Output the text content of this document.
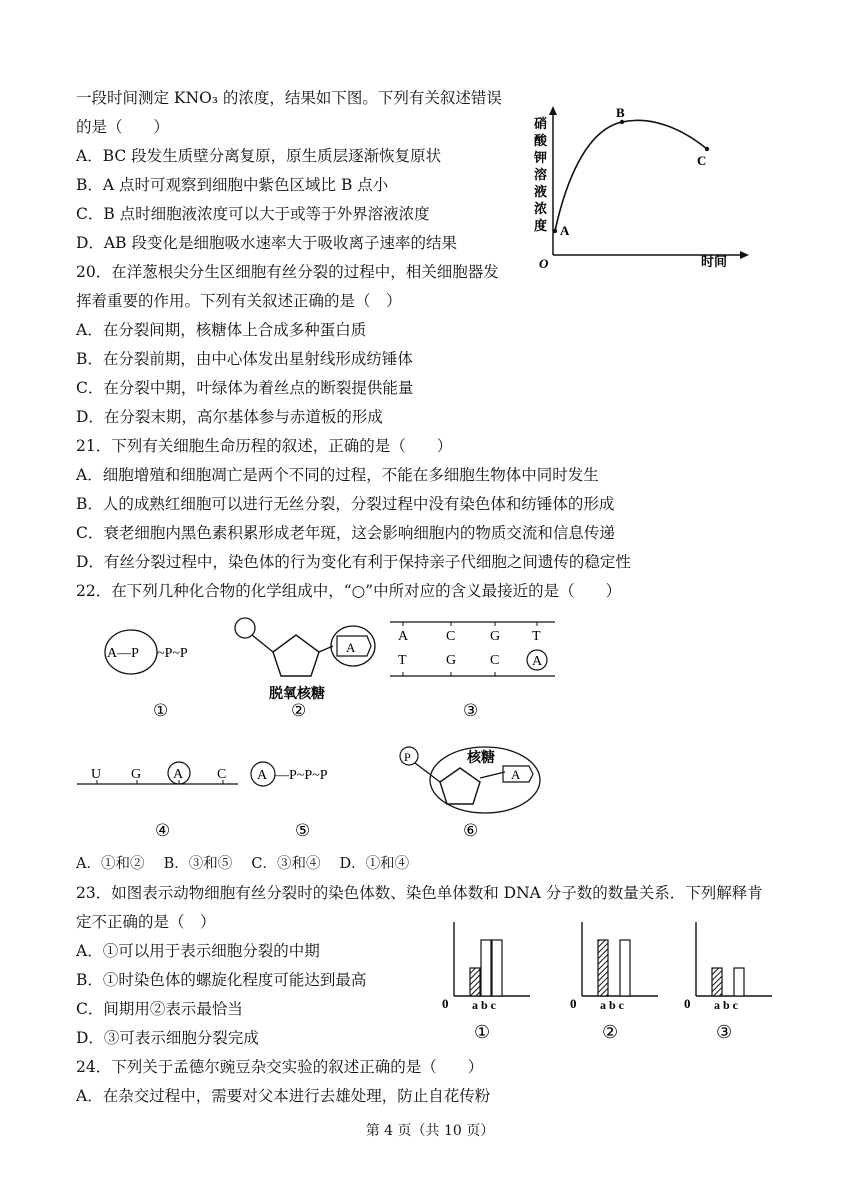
一段时间测定 KNO₃ 的浓度，结果如下图。下列有关叙述错误
的是（　　）
A．BC 段发生质壁分离复原，原生质层逐渐恢复原状
B．A 点时可观察到细胞中紫色区域比 B 点小
C．B 点时细胞液浓度可以大于或等于外界溶液浓度
D．AB 段变化是细胞吸水速率大于吸收离子速率的结果
20．在洋葱根尖分生区细胞有丝分裂的过程中，相关细胞器发
挥着重要的作用。下列有关叙述正确的是（　）
A．在分裂间期，核糖体上合成多种蛋白质
B．在分裂前期，由中心体发出星射线形成纺锤体
C．在分裂中期，叶绿体为着丝点的断裂提供能量
D．在分裂末期，高尔基体参与赤道板的形成
21．下列有关细胞生命历程的叙述，正确的是（　　）
A．细胞增殖和细胞凋亡是两个不同的过程，不能在多细胞生物体中同时发生
B．人的成熟红细胞可以进行无丝分裂，分裂过程中没有染色体和纺锤体的形成
C．衰老细胞内黑色素积累形成老年斑，这会影响细胞内的物质交流和信息传递
D．有丝分裂过程中，染色体的行为变化有利于保持亲子代细胞之间遗传的稳定性
22．在下列几种化合物的化学组成中，“○”中所对应的含义最接近的是（　　）
A．①和②　 B．③和⑤　 C．③和④　 D．①和④
23．如图表示动物细胞有丝分裂时的染色体数、染色单体数和 DNA 分子数的数量关系．下列解释肯
定不正确的是（　）
A．①可以用于表示细胞分裂的中期
B．①时染色体的螺旋化程度可能达到最高
C．间期用②表示最恰当
D．③可表示细胞分裂完成
24．下列关于孟德尔豌豆杂交实验的叙述正确的是（　　）
A．在杂交过程中，需要对父本进行去雄处理，防止自花传粉
硝
酸
钾
溶
液
浓
度
时间
O
A
B
C
A—P ~P~P
①
A
脱氧核糖
②
A	C G T
T	G C A
③
U G A C
④
A —P~P~P
⑤
P
A
核糖
⑥
0 a b c
①
0 a b c
②
0 a b c
③
第 4 页（共 10 页）
